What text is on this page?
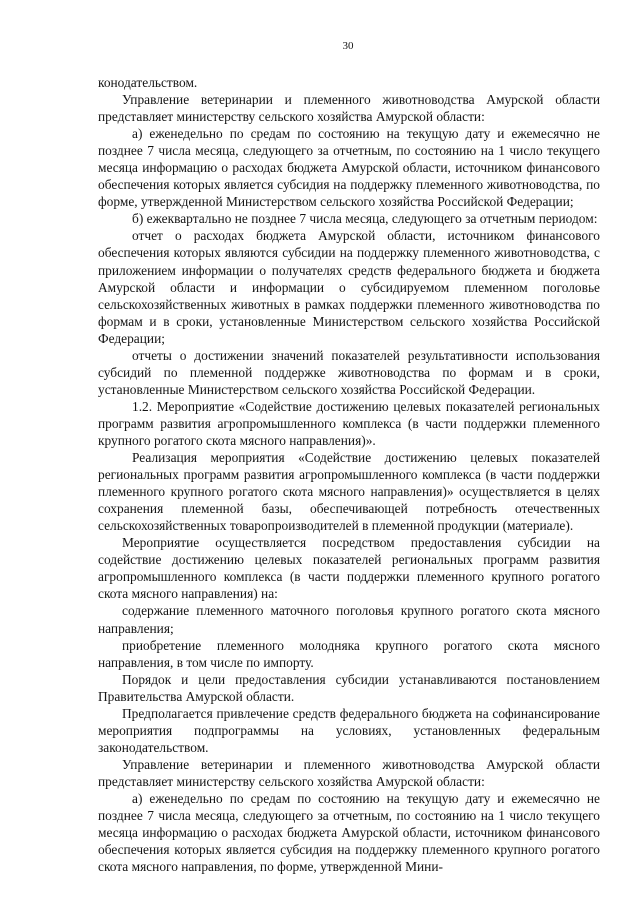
30

конодательством.

Управление ветеринарии и племенного животноводства Амурской области представляет министерству сельского хозяйства Амурской области:

а) еженедельно по средам по состоянию на текущую дату и ежемесячно не позднее 7 числа месяца, следующего за отчетным, по состоянию на 1 число текущего месяца информацию о расходах бюджета Амурской области, источником финансового обеспечения которых является субсидия на поддержку племенного животноводства, по форме, утвержденной Министерством сельского хозяйства Российской Федерации;

б) ежеквартально не позднее 7 числа месяца, следующего за отчетным периодом:

отчет о расходах бюджета Амурской области, источником финансового обеспечения которых являются субсидии на поддержку племенного животноводства, с приложением информации о получателях средств федерального бюджета и бюджета Амурской области и информации о субсидируемом племенном поголовье сельскохозяйственных животных в рамках поддержки племенного животноводства по формам и в сроки, установленные Министерством сельского хозяйства Российской Федерации;

отчеты о достижении значений показателей результативности использования субсидий по племенной поддержке животноводства по формам и в сроки, установленные Министерством сельского хозяйства Российской Федерации.

1.2. Мероприятие «Содействие достижению целевых показателей региональных программ развития агропромышленного комплекса (в части поддержки племенного крупного рогатого скота мясного направления)».

Реализация мероприятия «Содействие достижению целевых показателей региональных программ развития агропромышленного комплекса (в части поддержки племенного крупного рогатого скота мясного направления)» осуществляется в целях сохранения племенной базы, обеспечивающей потребность отечественных сельскохозяйственных товаропроизводителей в племенной продукции (материале).

Мероприятие осуществляется посредством предоставления субсидии на содействие достижению целевых показателей региональных программ развития агропромышленного комплекса (в части поддержки племенного крупного рогатого скота мясного направления) на:

содержание племенного маточного поголовья крупного рогатого скота мясного направления;

приобретение племенного молодняка крупного рогатого скота мясного направления, в том числе по импорту.

Порядок и цели предоставления субсидии устанавливаются постановлением Правительства Амурской области.

Предполагается привлечение средств федерального бюджета на софинансирование мероприятия подпрограммы на условиях, установленных федеральным законодательством.

Управление ветеринарии и племенного животноводства Амурской области представляет министерству сельского хозяйства Амурской области:

а) еженедельно по средам по состоянию на текущую дату и ежемесячно не позднее 7 числа месяца, следующего за отчетным, по состоянию на 1 число текущего месяца информацию о расходах бюджета Амурской области, источником финансового обеспечения которых является субсидия на поддержку племенного крупного рогатого скота мясного направления, по форме, утвержденной Мини-
